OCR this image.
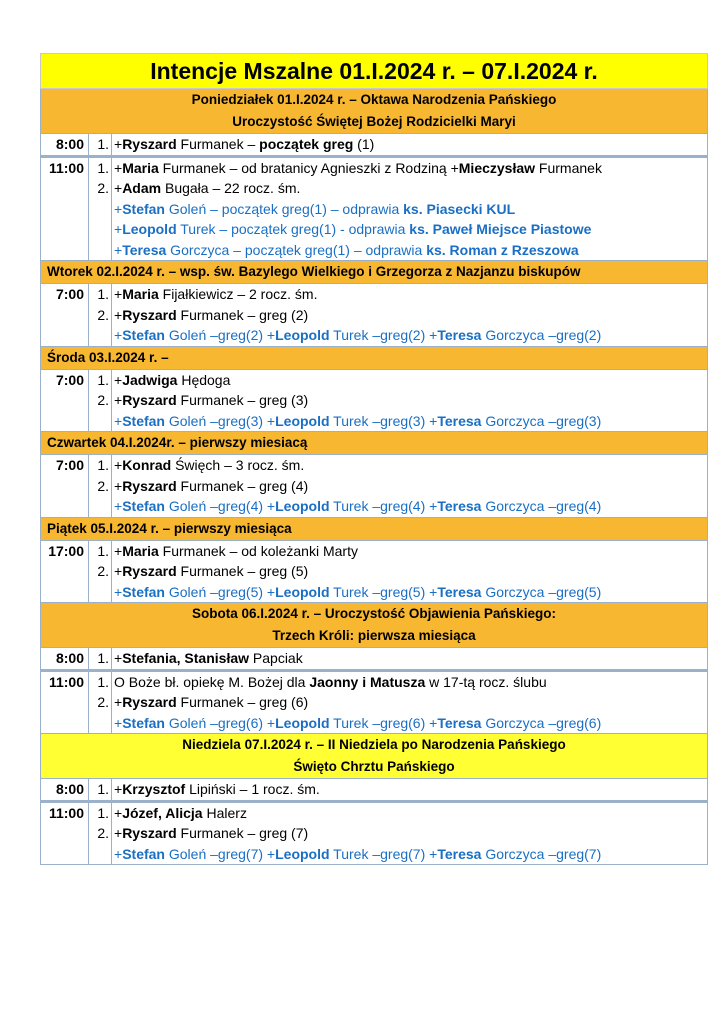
Intencje Mszalne 01.I.2024 r. – 07.I.2024 r.
Poniedziałek 01.I.2024 r. – Oktawa Narodzenia Pańskiego
Uroczystość Świętej Bożej Rodzicielki Maryi
8:00 1. +Ryszard Furmanek – początek greg (1)
11:00 1.
2.
+Maria Furmanek – od bratanicy Agnieszki z Rodziną +Mieczysław Furmanek
+Adam Bugała – 22 rocz. śm.
+Stefan Goleń – początek greg(1) – odprawia ks. Piasecki KUL
+Leopold Turek – początek greg(1) - odprawia ks. Paweł Miejsce Piastowe
+Teresa Gorczyca – początek greg(1) – odprawia ks. Roman z Rzeszowa
Wtorek 02.I.2024 r. – wsp. św. Bazylego Wielkiego i Grzegorza z Nazjanzu biskupów
7:00 1.
2.
+Maria Fijałkiewicz – 2 rocz. śm.
+Ryszard Furmanek – greg (2)
+Stefan Goleń –greg(2) +Leopold Turek –greg(2) +Teresa Gorczyca –greg(2)
Środa 03.I.2024 r. –
7:00 1.
2.
+Jadwiga Hędoga
+Ryszard Furmanek – greg (3)
+Stefan Goleń –greg(3) +Leopold Turek –greg(3) +Teresa Gorczyca –greg(3)
Czwartek 04.I.2024r. – pierwszy miesiacą
7:00 1.
2.
+Konrad Święch – 3 rocz. śm.
+Ryszard Furmanek – greg (4)
+Stefan Goleń –greg(4) +Leopold Turek –greg(4) +Teresa Gorczyca –greg(4)
Piątek 05.I.2024 r. – pierwszy miesiąca
17:00 1.
2.
+Maria Furmanek – od koleżanki Marty
+Ryszard Furmanek – greg (5)
+Stefan Goleń –greg(5) +Leopold Turek –greg(5) +Teresa Gorczyca –greg(5)
Sobota 06.I.2024 r. – Uroczystość Objawienia Pańskiego:
Trzech Króli: pierwsza miesiąca
8:00 1. +Stefania, Stanisław Papciak
11:00 1.
2.
O Boże bł. opiekę M. Bożej dla Jaonny i Matusza w 17-tą rocz. ślubu
+Ryszard Furmanek – greg (6)
+Stefan Goleń –greg(6) +Leopold Turek –greg(6) +Teresa Gorczyca –greg(6)
Niedziela 07.I.2024 r. – II Niedziela po Narodzenia Pańskiego
Święto Chrztu Pańskiego
8:00 1. +Krzysztof Lipiński – 1 rocz. śm.
11:00 1.
2.
+Józef, Alicja Halerz
+Ryszard Furmanek – greg (7)
+Stefan Goleń –greg(7) +Leopold Turek –greg(7) +Teresa Gorczyca –greg(7)
